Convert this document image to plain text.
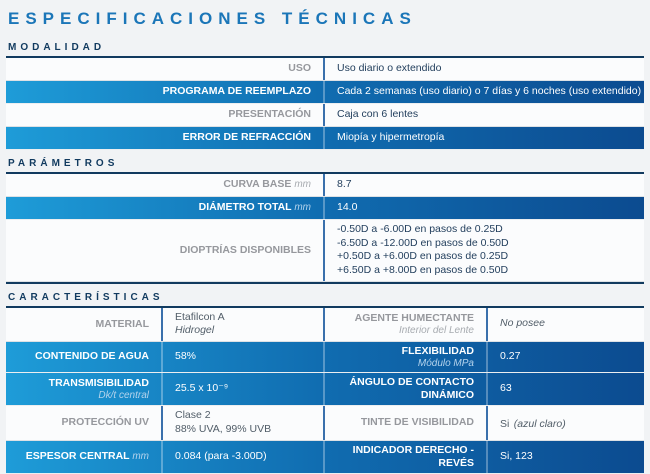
ESPECIFICACIONES TÉCNICAS
MODALIDAD
USO Uso diario o extendido
PROGRAMA DE REEMPLAZO Cada 2 semanas (uso diario) o 7 días y 6 noches (uso extendido)
PRESENTACIÓN Caja con 6 lentes
ERROR DE REFRACCIÓN Miopía y hipermetropía
PARÁMETROS
CURVA BASE mm 8.7
DIÁMETRO TOTAL mm 14.0
DIOPTRÍAS DISPONIBLES
-0.50D a -6.00D en pasos de 0.25D
-6.50D a -12.00D en pasos de 0.50D
+0.50D a +6.00D en pasos de 0.25D
+6.50D a +8.00D en pasos de 0.50D
CARACTERÍSTICAS
MATERIAL
Etafilcon A
Hidrogel
AGENTE HUMECTANTE
Interior del Lente
No posee
CONTENIDO DE AGUA 58%	FLEXIBILIDAD
Módulo MPa
0.27
TRANSMISIBILIDAD
Dk/t central
25.5 x 10⁻⁹
ÁNGULO DE CONTACTO DINÁMICO
63
PROTECCIÓN UV
Clase 2
88% UVA, 99% UVB
TINTE DE VISIBILIDAD Si (azul claro)
ESPESOR CENTRAL mm 0.084 (para -3.00D)
INDICADOR DERECHO - REVÉS
Si, 123
